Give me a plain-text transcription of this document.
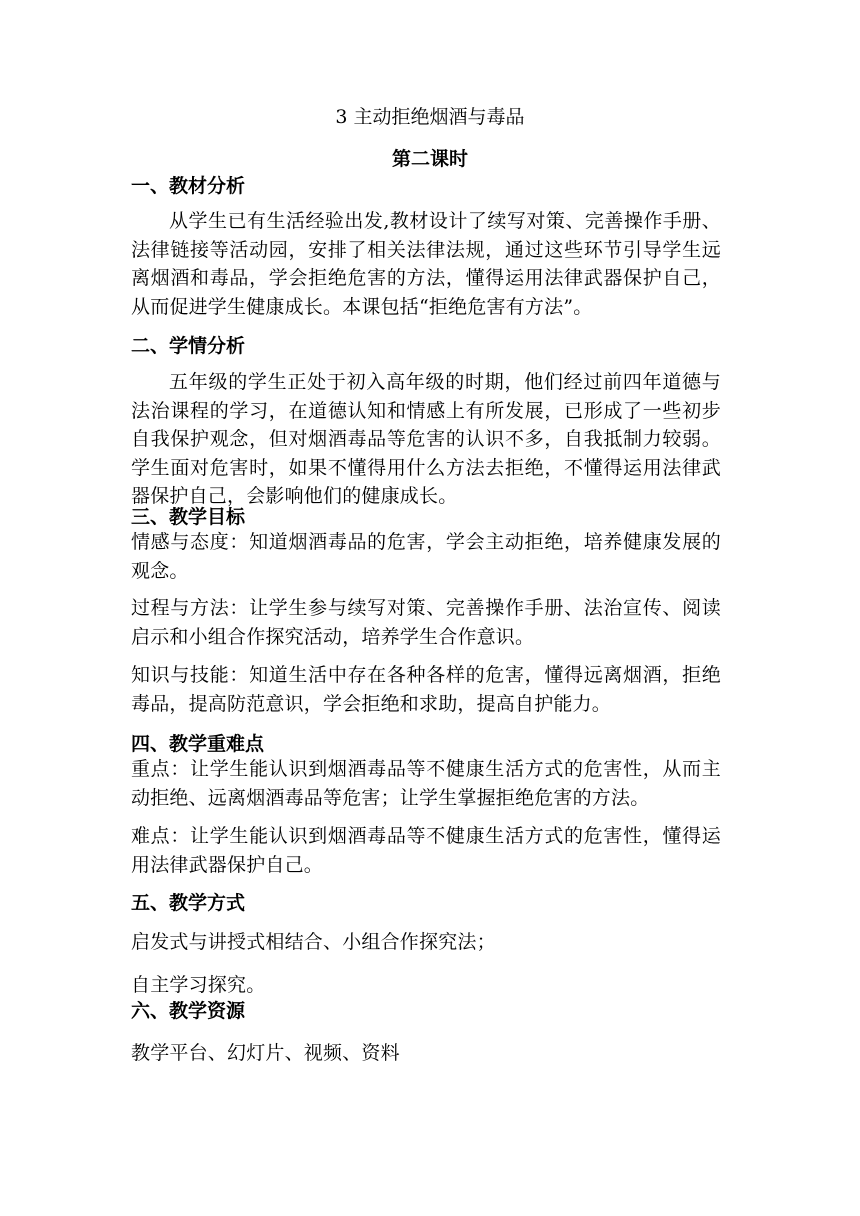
3 主动拒绝烟酒与毒品
第二课时
一、教材分析
从学生已有生活经验出发,教材设计了续写对策、完善操作手册、法律链接等活动园，安排了相关法律法规，通过这些环节引导学生远离烟酒和毒品，学会拒绝危害的方法，懂得运用法律武器保护自己，从而促进学生健康成长。本课包括“拒绝危害有方法”。
二、学情分析
五年级的学生正处于初入高年级的时期，他们经过前四年道德与法治课程的学习，在道德认知和情感上有所发展，已形成了一些初步自我保护观念，但对烟酒毒品等危害的认识不多，自我抵制力较弱。学生面对危害时，如果不懂得用什么方法去拒绝，不懂得运用法律武器保护自己，会影响他们的健康成长。
三、教学目标
情感与态度：知道烟酒毒品的危害，学会主动拒绝，培养健康发展的观念。
过程与方法：让学生参与续写对策、完善操作手册、法治宣传、阅读启示和小组合作探究活动，培养学生合作意识。
知识与技能：知道生活中存在各种各样的危害，懂得远离烟酒，拒绝毒品，提高防范意识，学会拒绝和求助，提高自护能力。
四、教学重难点
重点：让学生能认识到烟酒毒品等不健康生活方式的危害性，从而主动拒绝、远离烟酒毒品等危害；让学生掌握拒绝危害的方法。
难点：让学生能认识到烟酒毒品等不健康生活方式的危害性，懂得运用法律武器保护自己。
五、教学方式
启发式与讲授式相结合、小组合作探究法；
自主学习探究。
六、教学资源
教学平台、幻灯片、视频、资料
